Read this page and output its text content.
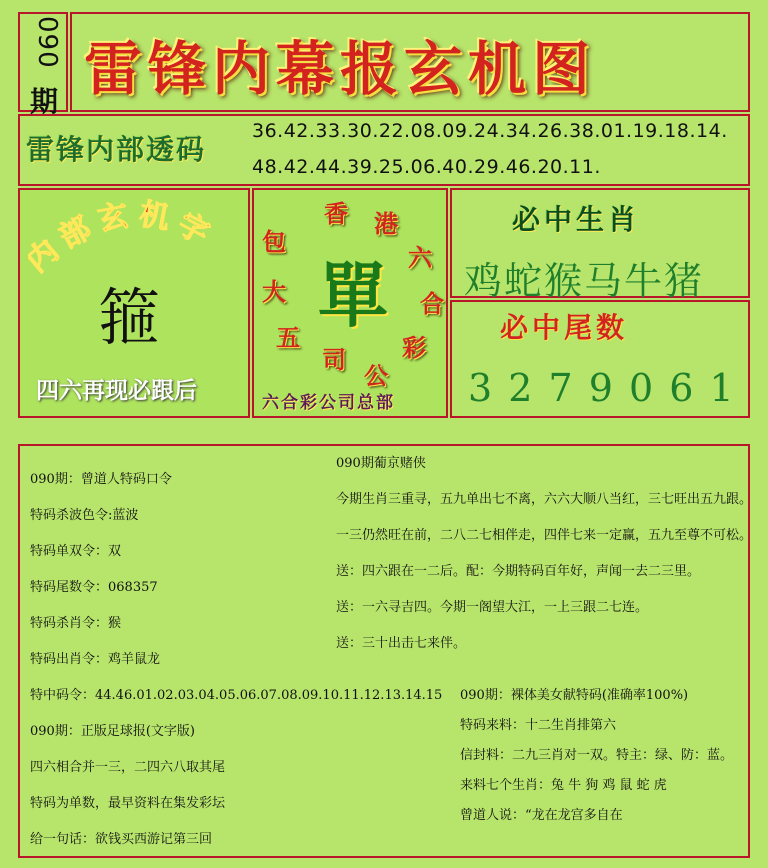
090
期 雷锋内幕报玄机图
雷锋内部透码
36.42.33.30.22.08.09.24.34.26.38.01.19.18.14.
48.42.44.39.25.06.40.29.46.20.11.
部玄机字
箍
四六再现必跟后
單
包
香 港
六
合
彩
公
司
五
大
六合彩公司总部
必中生肖
鸡蛇猴马牛猪
必中尾数
3 2 7 9 0 6 1
090期：曾道人特码口令
特码杀波色令:蓝波
特码单双令：双
特码尾数令：068357
特码杀肖令：猴
特码出肖令：鸡羊鼠龙
090期葡京赌侠
今期生肖三重寻，五九单出七不离，六六大顺八当红，三七旺出五九跟。
一三仍然旺在前，二八二七相伴走，四伴七来一定赢，五九至尊不可松。
送：四六跟在一二后。配：今期特码百年好，声闻一去二三里。
送：一六寻吉四。今期一阁望大江，一上三跟二七连。
送：三十出击七来伴。
特中码令：44.46.01.02.03.04.05.06.07.08.09.10.11.12.13.14.15
090期：正版足球报(文字版)
四六相合并一三，二四六八取其尾
特码为单数，最早资料在集发彩坛
给一句话：欲钱买西游记第三回
090期：裸体美女献特码(准确率100%)
特码来料：十二生肖排第六
信封料：二九三肖对一双。特主：绿、防：蓝。
来料七个生肖：兔 牛 狗 鸡 鼠 蛇 虎
曾道人说：“龙在龙宫多自在
